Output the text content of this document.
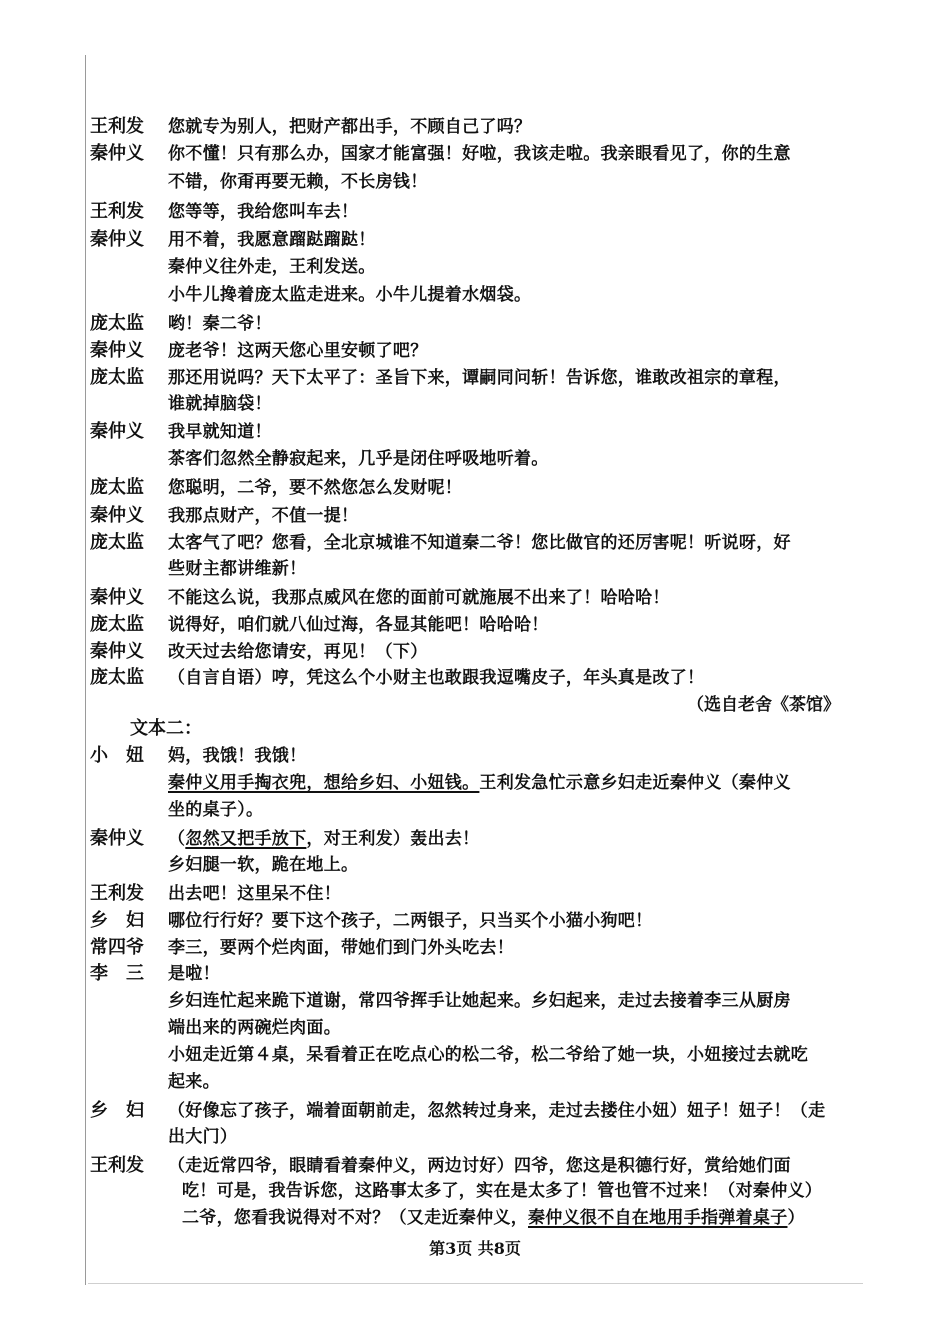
王利发 您就专为别人，把财产都出手，不顾自己了吗？
秦仲义 你不懂！只有那么办，国家才能富强！好啦，我该走啦。我亲眼看见了，你的生意
不错，你甭再要无赖，不长房钱！
王利发 您等等，我给您叫车去！
秦仲义 用不着，我愿意蹓跶蹓跶！
秦仲义往外走，王利发送。
小牛儿搀着庞太监走进来。小牛儿提着水烟袋。
庞太监 哟！秦二爷！
秦仲义 庞老爷！这两天您心里安顿了吧？
庞太监 那还用说吗？天下太平了：圣旨下来，谭嗣同问斩！告诉您，谁敢改祖宗的章程，
谁就掉脑袋！
秦仲义 我早就知道！
茶客们忽然全静寂起来，几乎是闭住呼吸地听着。
庞太监 您聪明，二爷，要不然您怎么发财呢！
秦仲义 我那点财产，不值一提！
庞太监 太客气了吧？您看，全北京城谁不知道秦二爷！您比做官的还厉害呢！听说呀，好
些财主都讲维新！
秦仲义 不能这么说，我那点威风在您的面前可就施展不出来了！哈哈哈！
庞太监 说得好，咱们就八仙过海，各显其能吧！哈哈哈！
秦仲义 改天过去给您请安，再见！（下）
庞太监 （自言自语）哼，凭这么个小财主也敢跟我逗嘴皮子，年头真是改了！
（选自老舍《茶馆》
文本二：
小　妞 妈，我饿！我饿！
秦仲义用手掏衣兜，想给乡妇、小妞钱。王利发急忙示意乡妇走近秦仲义（秦仲义
坐的桌子）。
秦仲义 （忽然又把手放下，对王利发）轰出去！
乡妇腿一软，跪在地上。
王利发 出去吧！这里呆不住！
乡　妇 哪位行行好？要下这个孩子，二两银子，只当买个小猫小狗吧！
常四爷 李三，要两个烂肉面，带她们到门外头吃去！
李　三 是啦！
乡妇连忙起来跪下道谢，常四爷挥手让她起来。乡妇起来，走过去接着李三从厨房
端出来的两碗烂肉面。
小妞走近第４桌，呆看着正在吃点心的松二爷，松二爷给了她一块，小妞接过去就吃
起来。
乡　妇 （好像忘了孩子，端着面朝前走，忽然转过身来，走过去搂住小妞）妞子！妞子！（走
出大门）
王利发 （走近常四爷，眼睛看着秦仲义，两边讨好）四爷，您这是积德行好，赏给她们面
吃！可是，我告诉您，这路事太多了，实在是太多了！管也管不过来！（对秦仲义）
二爷，您看我说得对不对？（又走近秦仲义，秦仲义很不自在地用手指弹着桌子）
第3页 共8页
